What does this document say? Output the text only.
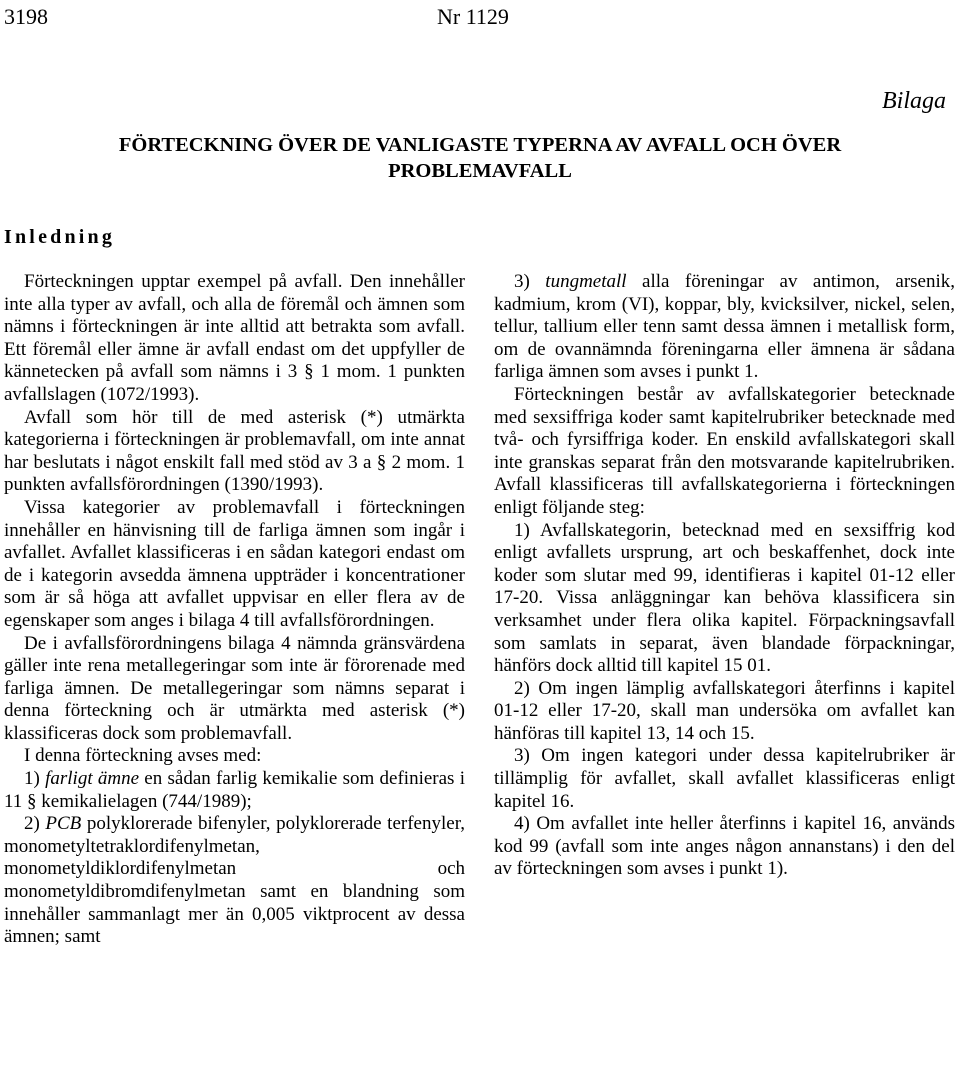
3198	Nr 1129
Bilaga
FÖRTECKNING ÖVER DE VANLIGASTE TYPERNA AV AVFALL OCH ÖVER PROBLEMAVFALL
Inledning

Förteckningen upptar exempel på avfall. Den innehåller inte alla typer av avfall, och alla de föremål och ämnen som nämns i förteckningen är inte alltid att betrakta som avfall. Ett föremål eller ämne är avfall endast om det uppfyller de kännetecken på avfall som nämns i 3 § 1 mom. 1 punkten avfallslagen (1072/1993).

Avfall som hör till de med asterisk (*) utmärkta kategorierna i förteckningen är problemavfall, om inte annat har beslutats i något enskilt fall med stöd av 3 a § 2 mom. 1 punkten avfallsförordningen (1390/1993).

Vissa kategorier av problemavfall i förteckningen innehåller en hänvisning till de farliga ämnen som ingår i avfallet. Avfallet klassificeras i en sådan kategori endast om de i kategorin avsedda ämnena uppträder i koncentrationer som är så höga att avfallet uppvisar en eller flera av de egenskaper som anges i bilaga 4 till avfallsförordningen.

De i avfallsförordningens bilaga 4 nämnda gränsvärdena gäller inte rena metallegeringar som inte är förorenade med farliga ämnen. De metallegeringar som nämns separat i denna förteckning och är utmärkta med asterisk (*) klassificeras dock som problemavfall.

I denna förteckning avses med:

1) farligt ämne en sådan farlig kemikalie som definieras i 11 § kemikalielagen (744/1989);

2) PCB polyklorerade bifenyler, polyklorerade terfenyler, monometyltetraklordifenylmetan, monometyldiklordifenylmetan och monometyldibromdifenylmetan samt en blandning som innehåller sammanlagt mer än 0,005 viktprocent av dessa ämnen; samt

3) tungmetall alla föreningar av antimon, arsenik, kadmium, krom (VI), koppar, bly, kvicksilver, nickel, selen, tellur, tallium eller tenn samt dessa ämnen i metallisk form, om de ovannämnda föreningarna eller ämnena är sådana farliga ämnen som avses i punkt 1.

Förteckningen består av avfallskategorier betecknade med sexsiffriga koder samt kapitelrubriker betecknade med två- och fyrsiffriga koder. En enskild avfallskategori skall inte granskas separat från den motsvarande kapitelrubriken. Avfall klassificeras till avfallskategorierna i förteckningen enligt följande steg:

1) Avfallskategorin, betecknad med en sexsiffrig kod enligt avfallets ursprung, art och beskaffenhet, dock inte koder som slutar med 99, identifieras i kapitel 01-12 eller 17-20. Vissa anläggningar kan behöva klassificera sin verksamhet under flera olika kapitel. Förpackningsavfall som samlats in separat, även blandade förpackningar, hänförs dock alltid till kapitel 15 01.

2) Om ingen lämplig avfallskategori återfinns i kapitel 01-12 eller 17-20, skall man undersöka om avfallet kan hänföras till kapitel 13, 14 och 15.

3) Om ingen kategori under dessa kapitelrubriker är tillämplig för avfallet, skall avfallet klassificeras enligt kapitel 16.

4) Om avfallet inte heller återfinns i kapitel 16, används kod 99 (avfall som inte anges någon annanstans) i den del av förteckningen som avses i punkt 1).
